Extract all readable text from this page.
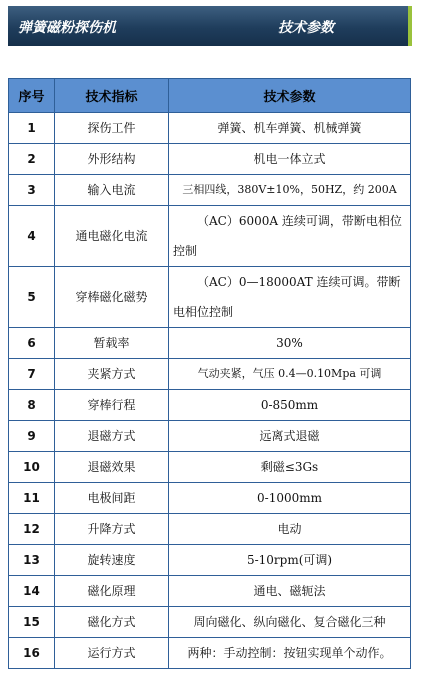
弹簧磁粉探伤机	技术参数
序号	技术指标	技术参数
1	探伤工件	弹簧、机车弹簧、机械弹簧
2	外形结构	机电一体立式
3	输入电流	三相四线，380V±10%，50HZ，约 200A
4	通电磁化电流	（AC）6000A 连续可调，带断电相位控制
5	穿棒磁化磁势	（AC）0—18000AT 连续可调。带断电相位控制
6	暂载率	30%
7	夹紧方式	气动夹紧，气压 0.4—0.10Mpa 可调
8	穿棒行程	0-850mm
9	退磁方式	远离式退磁
10	退磁效果	剩磁≤3Gs
11	电极间距	0-1000mm
12	升降方式	电动
13	旋转速度	5-10rpm(可调)
14	磁化原理	通电、磁轭法
15	磁化方式	周向磁化、纵向磁化、复合磁化三种
16	运行方式	两种：手动控制：按钮实现单个动作。
